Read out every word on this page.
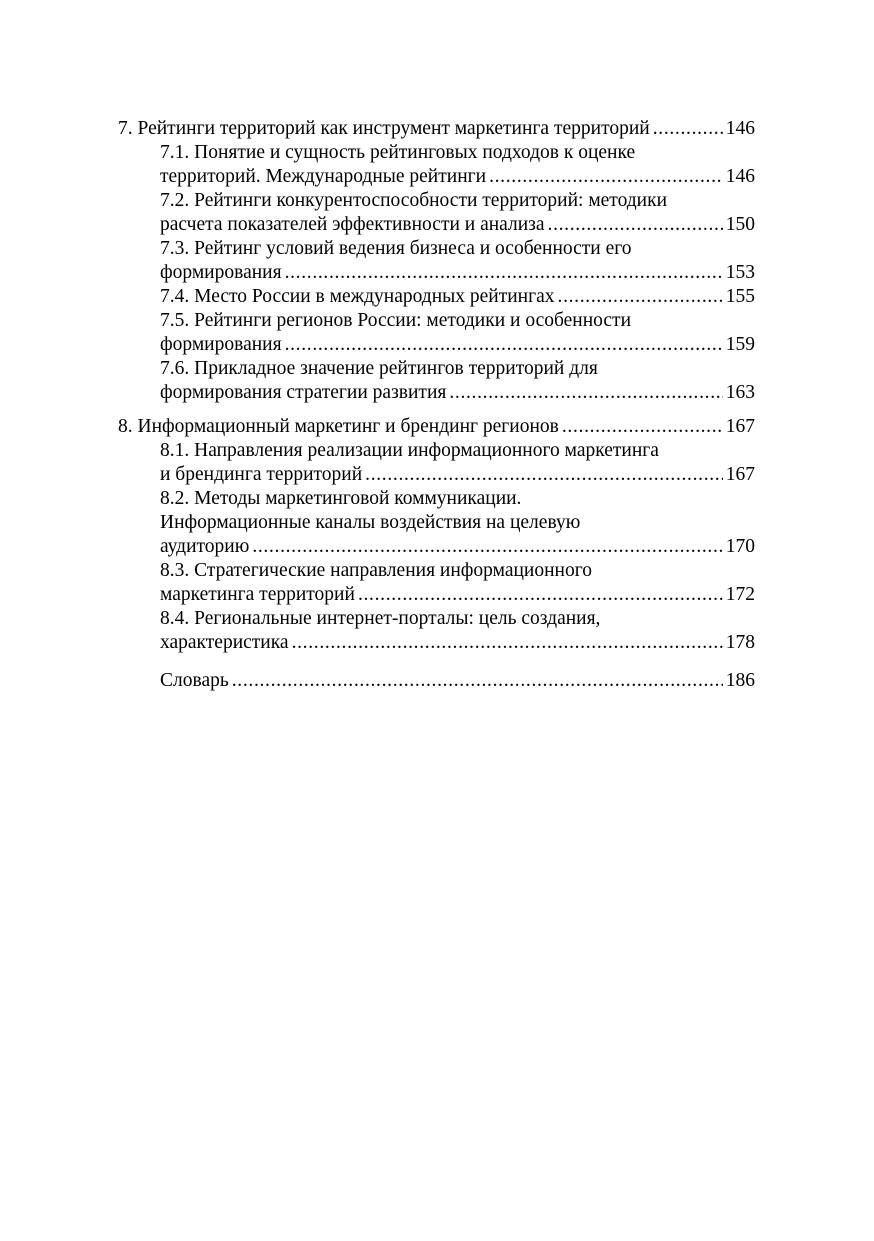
7. Рейтинги территорий как инструмент маркетинга территорий . . .	146
7.1. Понятие и сущность рейтинговых подходов к оценке
территорий. Международные рейтинги . . .	146
7.2. Рейтинги конкурентоспособности территорий: методики
расчета показателей эффективности и анализа . . .	150
7.3. Рейтинг условий ведения бизнеса и особенности его
формирования . . .	153
7.4. Место России в международных рейтингах . . .	155
7.5. Рейтинги регионов России: методики и особенности
формирования . . .	159
7.6. Прикладное значение рейтингов территорий для
формирования стратегии развития . . .	163
8. Информационный маркетинг и брендинг регионов . . .	167
8.1. Направления реализации информационного маркетинга
и брендинга территорий . . .	167
8.2. Методы маркетинговой коммуникации.
Информационные каналы воздействия на целевую
аудиторию . . .	170
8.3. Стратегические направления информационного
маркетинга территорий . . .	172
8.4. Региональные интернет-порталы: цель создания,
характеристика . . .	178
Словарь . . .	186
